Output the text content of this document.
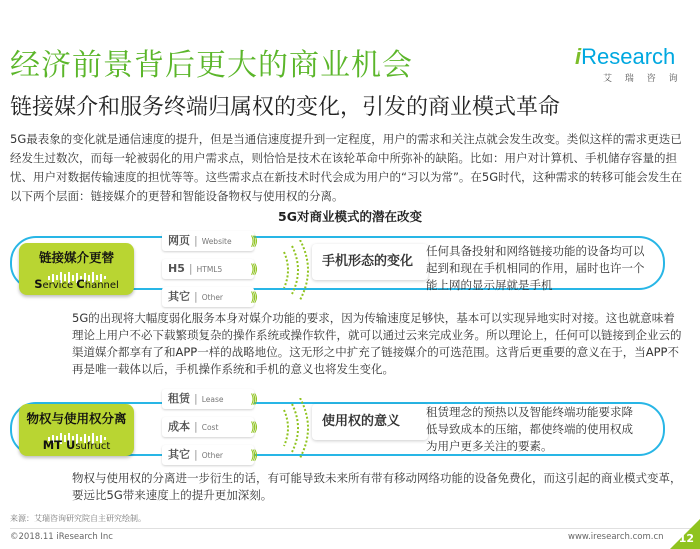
经济前景背后更大的商业机会
链接媒介和服务终端归属权的变化，引发的商业模式革命
iResearch
艾 瑞 咨 询
5G最表象的变化就是通信速度的提升，但是当通信速度提升到一定程度，用户的需求和关注点就会发生改变。类似这样的需求更迭已经发生过数次，而每一轮被弱化的用户需求点，则恰恰是技术在该轮革命中所弥补的缺陷。比如：用户对计算机、手机储存容量的担忧、用户对数据传输速度的担忧等等。这些需求点在新技术时代会成为用户的“习以为常”。在5G时代，这种需求的转移可能会发生在以下两个层面：链接媒介的更替和智能设备物权与使用权的分离。
5G对商业模式的潜在改变
链接媒介更替
Service Channel
网页 | Website	)))
H5 | HTML5	)))
其它 | Other	)))
手机形态的变化
任何具备投射和网络链接功能的设备均可以起到和现在手机相同的作用，届时也许一个能上网的显示屏就是手机
5G的出现将大幅度弱化服务本身对媒介功能的要求，因为传输速度足够快，基本可以实现异地实时对接。这也就意味着理论上用户不必下载繁琐复杂的操作系统或操作软件，就可以通过云来完成业务。所以理论上，任何可以链接到企业云的渠道媒介都享有了和APP一样的战略地位。这无形之中扩充了链接媒介的可选范围。这背后更重要的意义在于，当APP不再是唯一载体以后，手机操作系统和手机的意义也将发生变化。
物权与使用权分离
MT Usufruct
租赁 | Lease	)))
成本 | Cost	)))
其它 | Other	)))
使用权的意义
租赁理念的预热以及智能终端功能要求降低导致成本的压缩，都使终端的使用权成为用户更多关注的要素。
物权与使用权的分离进一步衍生的话，有可能导致未来所有带有移动网络功能的设备免费化，而这引起的商业模式变革，要远比5G带来速度上的提升更加深刻。
来源：艾瑞咨询研究院自主研究绘制。
©2018.11 iResearch Inc	www.iresearch.com.cn 12
